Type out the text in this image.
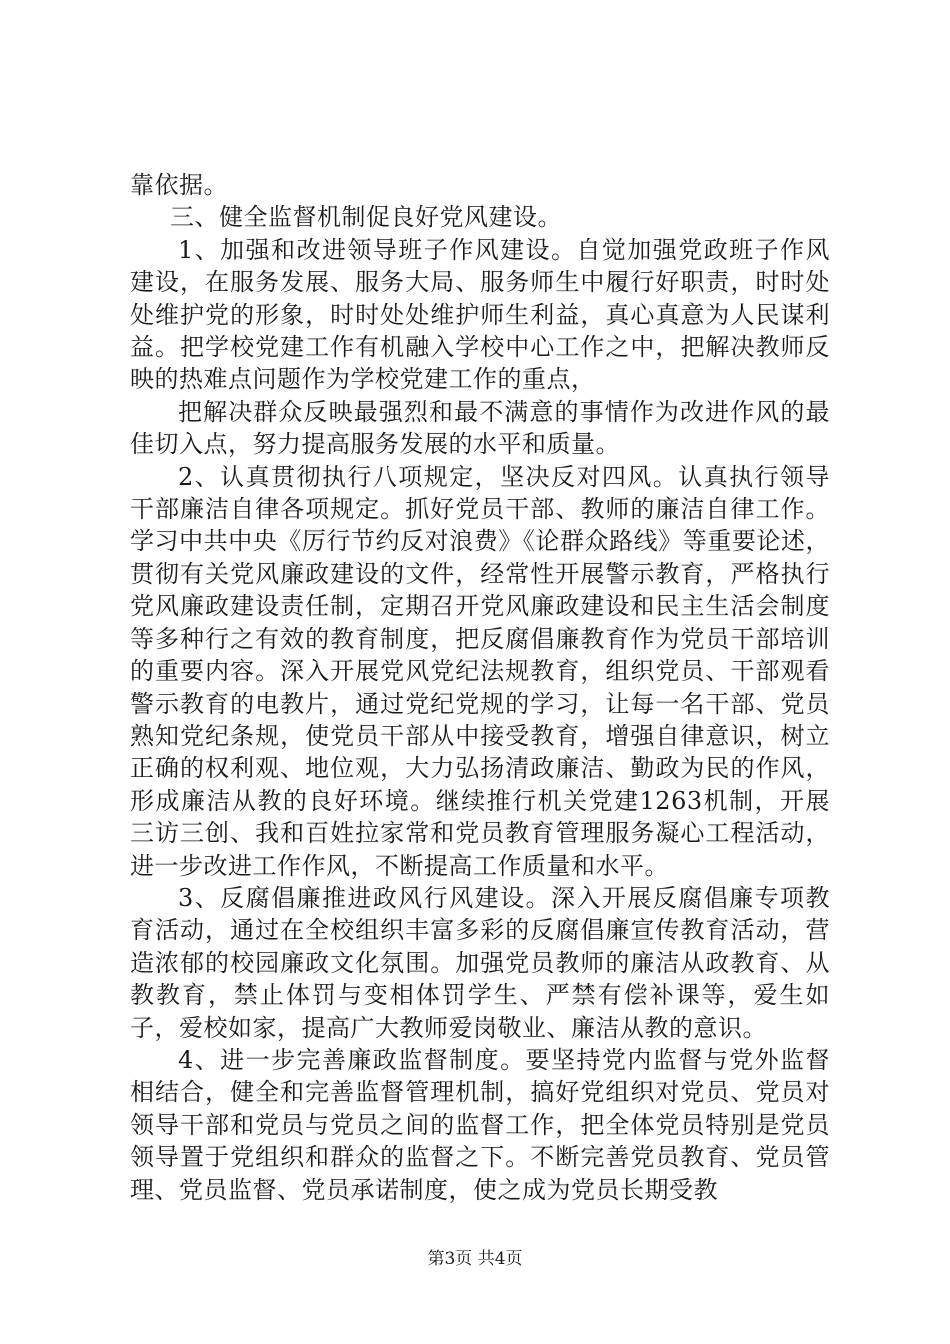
靠依据。

三、健全监督机制促良好党风建设。

1、加强和改进领导班子作风建设。自觉加强党政班子作风建设，在服务发展、服务大局、服务师生中履行好职责，时时处处维护党的形象，时时处处维护师生利益，真心真意为人民谋利益。把学校党建工作有机融入学校中心工作之中，把解决教师反映的热难点问题作为学校党建工作的重点，

把解决群众反映最强烈和最不满意的事情作为改进作风的最佳切入点，努力提高服务发展的水平和质量。

2、认真贯彻执行八项规定，坚决反对四风。认真执行领导干部廉洁自律各项规定。抓好党员干部、教师的廉洁自律工作。学习中共中央《厉行节约反对浪费》《论群众路线》等重要论述，贯彻有关党风廉政建设的文件，经常性开展警示教育，严格执行党风廉政建设责任制，定期召开党风廉政建设和民主生活会制度等多种行之有效的教育制度，把反腐倡廉教育作为党员干部培训的重要内容。深入开展党风党纪法规教育，组织党员、干部观看警示教育的电教片，通过党纪党规的学习，让每一名干部、党员熟知党纪条规，使党员干部从中接受教育，增强自律意识，树立正确的权利观、地位观，大力弘扬清政廉洁、勤政为民的作风，形成廉洁从教的良好环境。继续推行机关党建1263机制，开展三访三创、我和百姓拉家常和党员教育管理服务凝心工程活动，进一步改进工作作风，不断提高工作质量和水平。

3、反腐倡廉推进政风行风建设。深入开展反腐倡廉专项教育活动，通过在全校组织丰富多彩的反腐倡廉宣传教育活动，营造浓郁的校园廉政文化氛围。加强党员教师的廉洁从政教育、从教教育，禁止体罚与变相体罚学生、严禁有偿补课等，爱生如子，爱校如家，提高广大教师爱岗敬业、廉洁从教的意识。

4、进一步完善廉政监督制度。要坚持党内监督与党外监督相结合，健全和完善监督管理机制，搞好党组织对党员、党员对领导干部和党员与党员之间的监督工作，把全体党员特别是党员领导置于党组织和群众的监督之下。不断完善党员教育、党员管理、党员监督、党员承诺制度，使之成为党员长期受教

第3页 共4页
